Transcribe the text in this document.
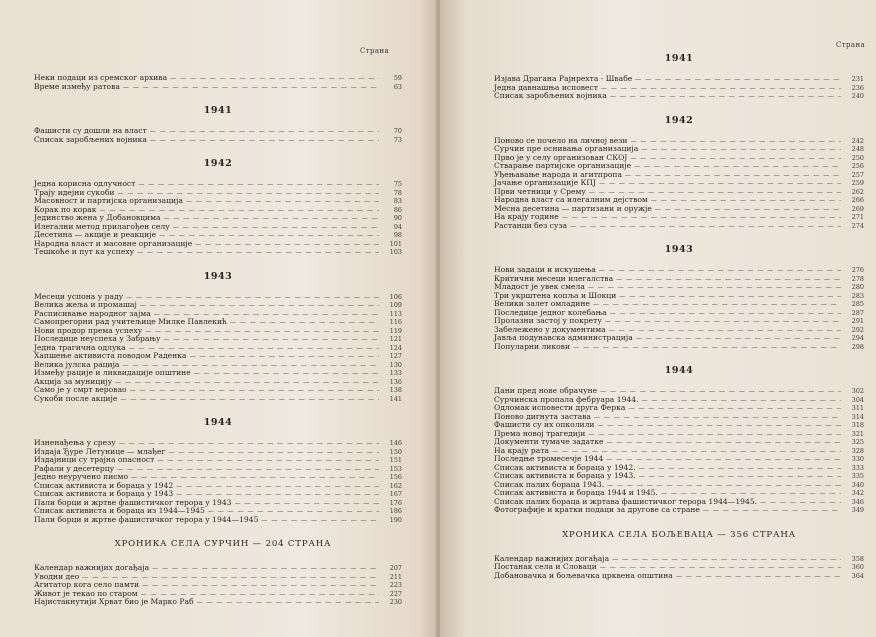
Страна
Неки подаци из сремског архива — — —	59
Време између ратова — — —	63
1941
Фашисти су дошли на власт — — —	70
Списак заробљених војника — — —	73
1942
Једна корисна одлучност — — —	75
Трају идејни сукоби — — —	78
Масовност и партијска организација — — —	83
Корак по корак — — —	86
Јединство жена у Добановцима — — —	90
Илегални метод прилагођен селу — — —	94
Десетина — акције и реакције — — —	98
Народна власт и масовне организације — — —	101
Тешкоће и пут ка успеху — — —	103
1943
Месеци успона у раду — — —	106
Велика жеља и промашај — — —	109
Расписивање народног зајма — — —	113
Самопрегорни рад учитељице Милке Павлекић — — —	116
Нови продор према успеху — — —	119
Последице неуспеха у Забрању — — —	121
Једна трагична одлука — — —	124
Хапшење активиста поводом Раденка — — —	127
Велика јулска рација — — —	130
Између рације и ликвидације општине — — —	133
Акција за муницију — — —	136
Само је у смрт веровао — — —	138
Сукоби после акције — — —	141
1944
Изненађења у срезу — — —	146
Издаја Ђуре Летунице — млађег — — —	150
Издајници су трајна опасност — — —	151
Рафали у десетерцу — — —	153
Једно неуручено писмо — — —	156
Списак активиста и бораца у 1942 — — —	162
Списак активиста и бораца у 1943 — — —	167
Пали борци и жртве фашистичког терора у 1943 — — —	176
Списак активиста и бораца из 1944—1945 — — —	186
Пали борци и жртве фашистичког терора у 1944—1945 — — —	190
ХРОНИКА СЕЛА СУРЧИН — 204 СТРАНА
Календар важнијих догађаја — — —	207
Уводни део — — —	211
Агитатор кога село памти — — —	223
Живот је текао по старом — — —	227
Најистакнутији Хрват био је Марко Раб — — —	230
1941
Изјава Драгана Рајнрехта - Швабе — — —	231
Једна давнашња исповест — — —	236
Списак заробљених војника — — —	240
1942
Поново се почело на личној вези — — —	242
Сурчин пре оснивања организација — — —	248
Прво је у селу организован СКОЈ — — —	250
Стварање партијске организације — — —	256
Уђењавање народа и агитпропа — — —	257
Јачање организације КПЈ — — —	259
Први четници у Срему — — —	262
Народна власт са илегалним дејством — — —	266
Месна десетина — партизани и оружје — — —	269
На крају године — — —	271
Растанци без суза — — —	274
1943
Нови задаци и искушења — — —	276
Критични месеци илегалства — — —	278
Младост је увек смела — — —	280
Три укрштена копља и Шокци — — —	283
Велики залет омладине — — —	285
Последице једног колебања — — —	287
Пролазни застој у покрету — — —	291
Забележено у документима — — —	292
Јавља подунавска администрација — — —	294
Популарни ликови — — —	298
1944
Дани пред нове обрачуне — — —	302
Сурчинска пропала фебруара 1944. — — —	304
Одломак исповести друга Ферка — — —	311
Поново дигнута застава — — —	314
Фашисти су их опколили — — —	318
Према новој трагедији — — —	321
Документи тумаче задатке — — —	325
На крају рата — — —	328
Последње тромесечје 1944 — — —	330
Списак активиста и бораца у 1942. — — —	333
Списак активиста и бораца у 1943. — — —	335
Списак палих бораца 1943. — — —	340
Списак активиста и бораца 1944 и 1945. — — —	342
Списак палих бораца и жртава фашистичког терора 1944—1945. — — —	346
Фотографије и кратки подаци за другове са стране — — —	349
ХРОНИКА СЕЛА БОЉЕВАЦА — 356 СТРАНА
Календар важнијих догађаја — — —	358
Постанак села и Словаци — — —	360
Добановачка и бољевачка црквена општина — — —	364
Страна
